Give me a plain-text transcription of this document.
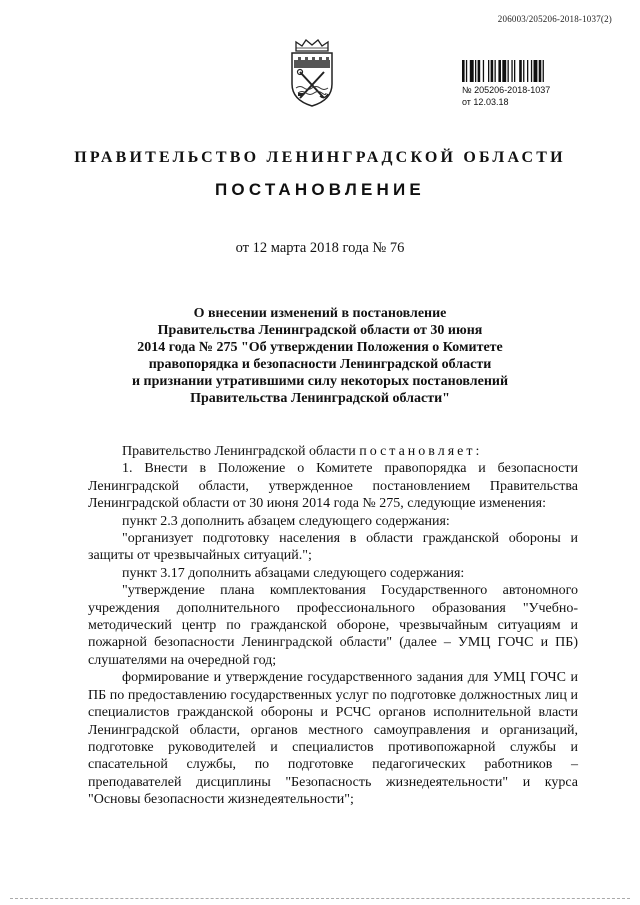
206003/205206-2018-1037(2)
№ 205206-2018-1037
от 12.03.18
ПРАВИТЕЛЬСТВО ЛЕНИНГРАДСКОЙ ОБЛАСТИ
ПОСТАНОВЛЕНИЕ
от 12 марта 2018 года № 76
О внесении изменений в постановление
Правительства Ленинградской области от 30 июня
2014 года № 275 "Об утверждении Положения о Комитете
правопорядка и безопасности Ленинградской области
и признании утратившими силу некоторых постановлений
Правительства Ленинградской области"

Правительство Ленинградской области постановляет:

1. Внести в Положение о Комитете правопорядка и безопасности Ленинградской области, утвержденное постановлением Правительства Ленинградской области от 30 июня 2014 года № 275, следующие изменения:

пункт 2.3 дополнить абзацем следующего содержания:

"организует подготовку населения в области гражданской обороны и защиты от чрезвычайных ситуаций.";

пункт 3.17 дополнить абзацами следующего содержания:

"утверждение плана комплектования Государственного автономного учреждения дополнительного профессионального образования "Учебно-методический центр по гражданской обороне, чрезвычайным ситуациям и пожарной безопасности Ленинградской области" (далее – УМЦ ГОЧС и ПБ) слушателями на очередной год;

формирование и утверждение государственного задания для УМЦ ГОЧС и ПБ по предоставлению государственных услуг по подготовке должностных лиц и специалистов гражданской обороны и РСЧС органов исполнительной власти Ленинградской области, органов местного самоуправления и организаций, подготовке руководителей и специалистов противопожарной службы и спасательной службы, по подготовке педагогических работников – преподавателей дисциплины "Безопасность жизнедеятельности" и курса "Основы безопасности жизнедеятельности";
